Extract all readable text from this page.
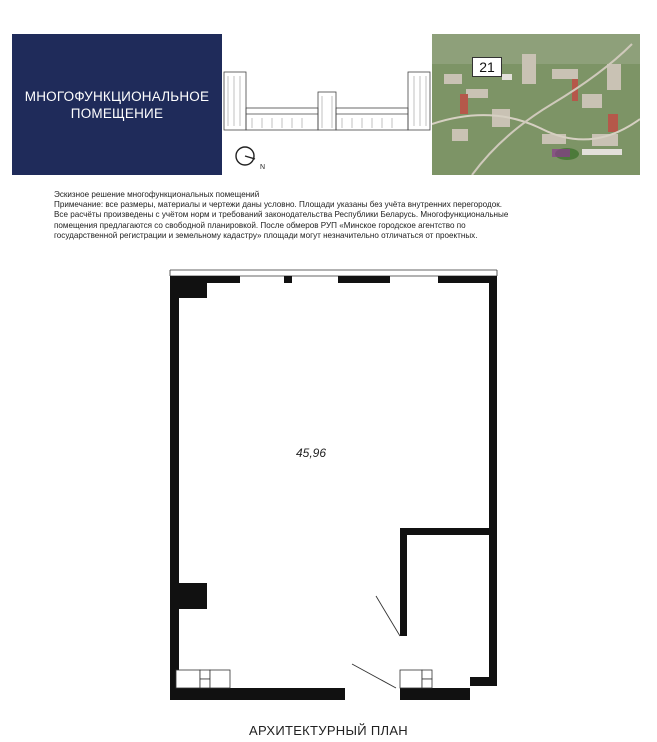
МНОГОФУНКЦИОНАЛЬНОЕ
ПОМЕЩЕНИЕ
N
21
Эскизное решение многофункциональных помещений
Примечание: все размеры, материалы и чертежи даны условно. Площади указаны без учёта внутренних перегородок.
Все расчёты произведены с учётом норм и требований законодательства Республики Беларусь. Многофункциональные
помещения предлагаются со свободной планировкой. После обмеров РУП «Минское городское агентство по
государственной регистрации и земельному кадастру» площади могут незначительно отличаться от проектных.
45,96
АРХИТЕКТУРНЫЙ ПЛАН
